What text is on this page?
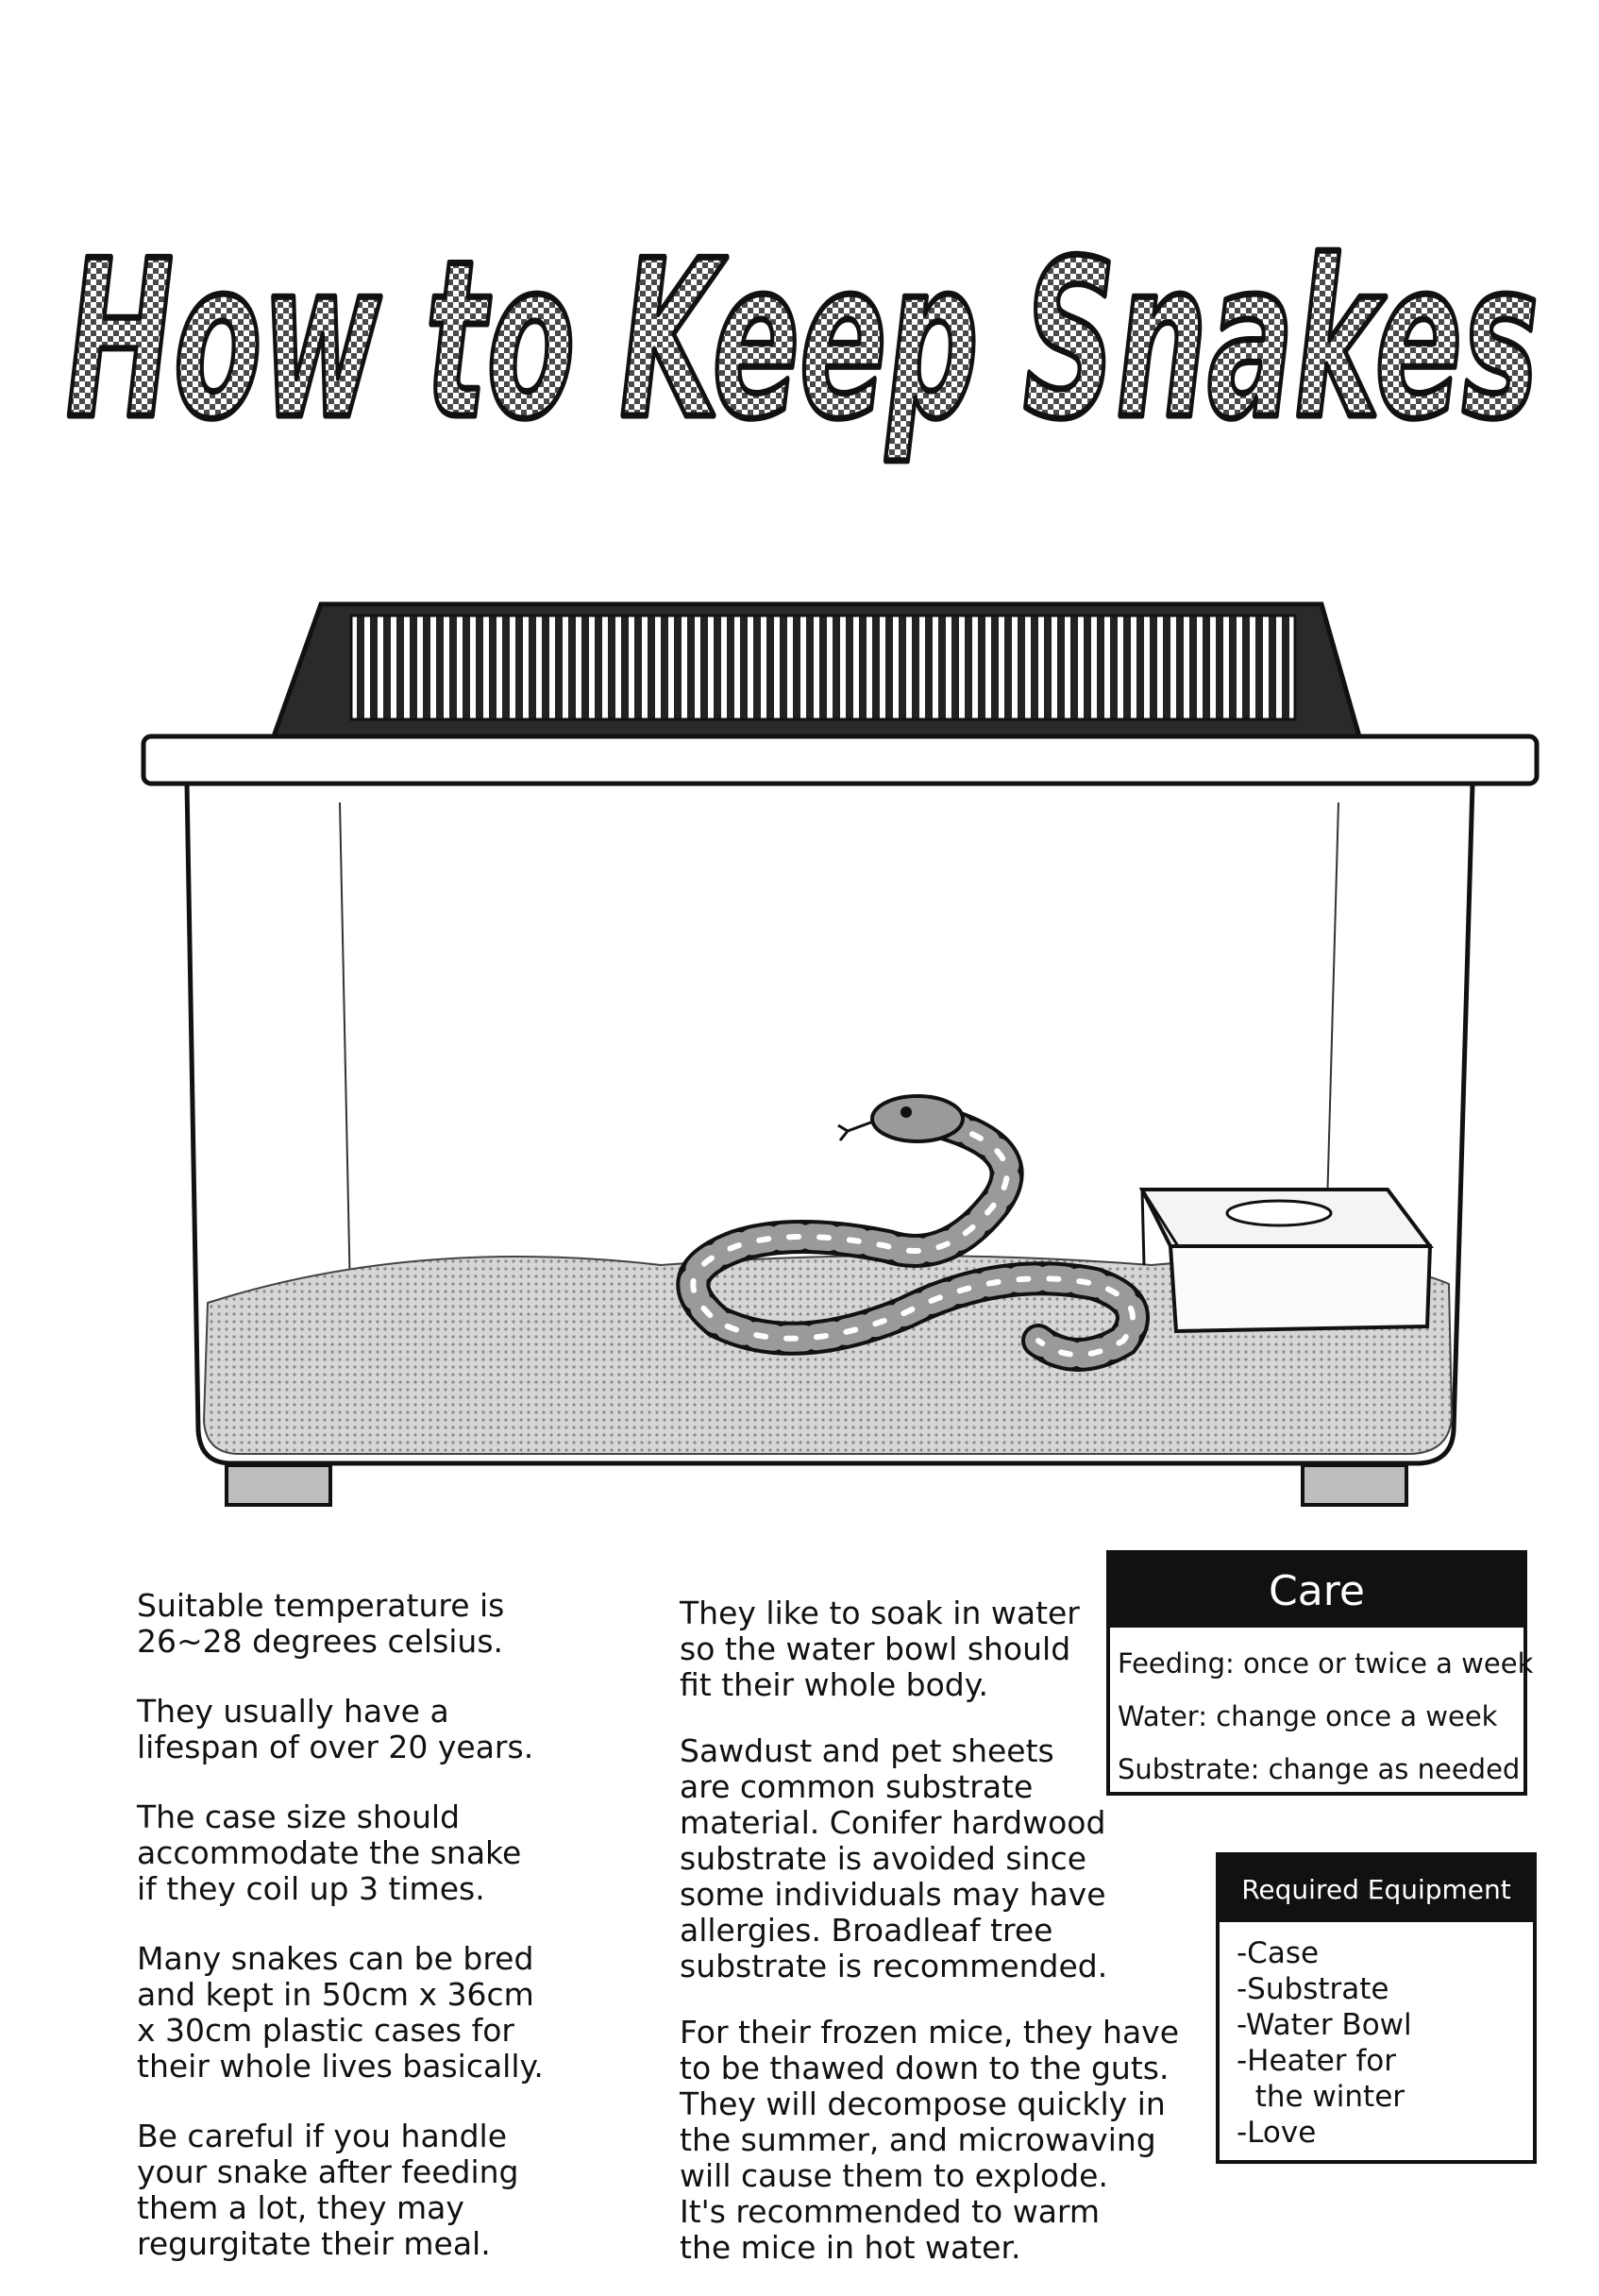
How to Keep Snakes

Suitable temperature is
26~28 degrees celsius.

They usually have a
lifespan of over 20 years.

The case size should
accommodate the snake
if they coil up 3 times.

Many snakes can be bred
and kept in 50cm x 36cm
x 30cm plastic cases for
their whole lives basically.

Be careful if you handle
your snake after feeding
them a lot, they may
regurgitate their meal.

They like to soak in water
so the water bowl should
fit their whole body.

Sawdust and pet sheets
are common substrate
material. Conifer hardwood
substrate is avoided since
some individuals may have
allergies. Broadleaf tree
substrate is recommended.

For their frozen mice, they have
to be thawed down to the guts.
They will decompose quickly in
the summer, and microwaving
will cause them to explode.
It's recommended to warm
the mice in hot water.

Care
Feeding: once or twice a week
Water: change once a week
Substrate: change as needed
Required Equipment
-Case
-Substrate
-Water Bowl
-Heater for
the winter
-Love
